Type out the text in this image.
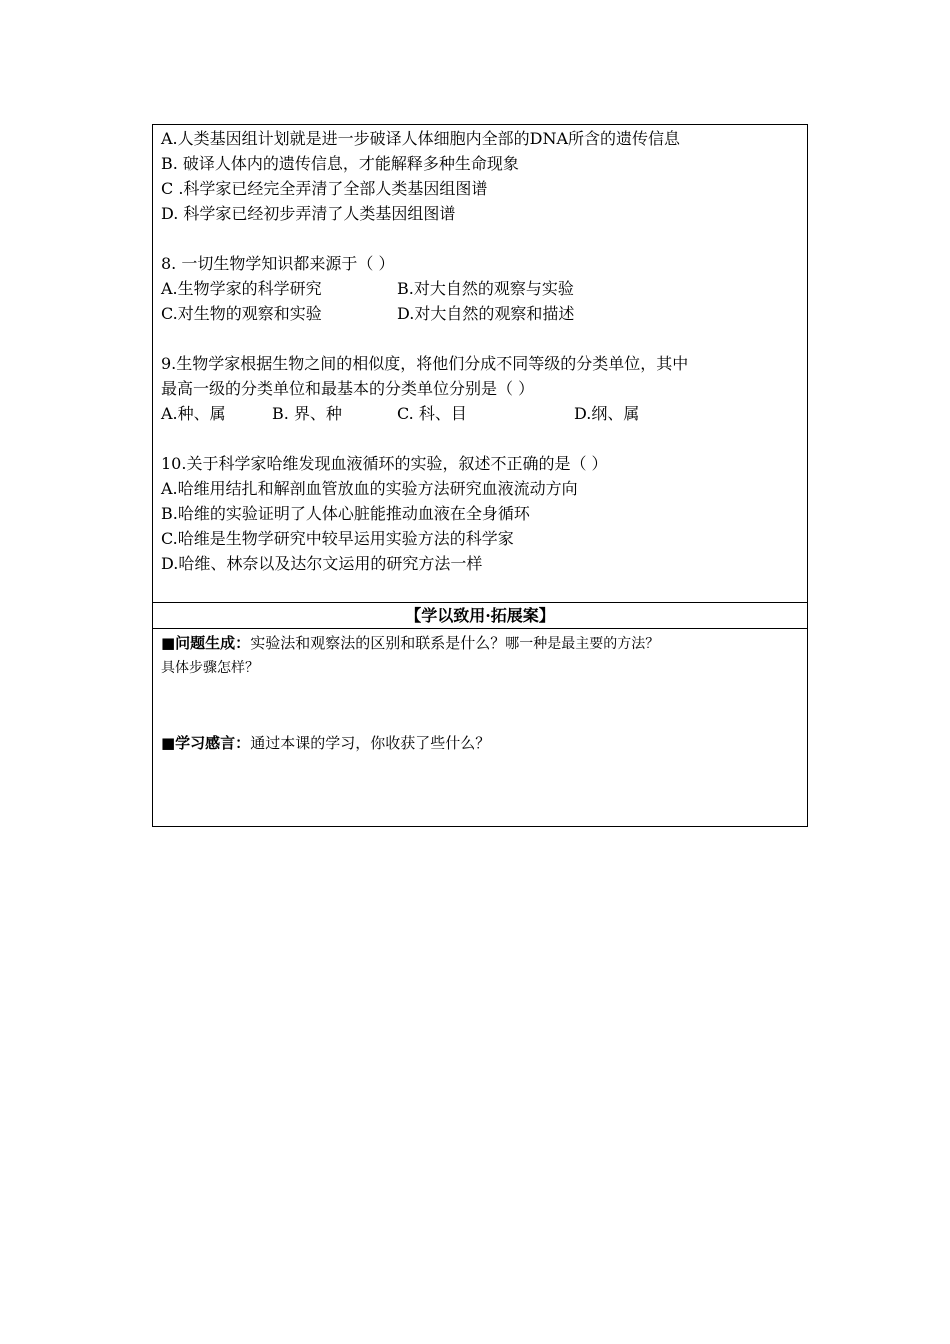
A.人类基因组计划就是进一步破译人体细胞内全部的DNA所含的遗传信息
B. 破译人体内的遗传信息，才能解释多种生命现象
C .科学家已经完全弄清了全部人类基因组图谱
D. 科学家已经初步弄清了人类基因组图谱
8. 一切生物学知识都来源于（ ）
A.生物学家的科学研究	B.对大自然的观察与实验
C.对生物的观察和实验	D.对大自然的观察和描述
9.生物学家根据生物之间的相似度，将他们分成不同等级的分类单位，其中
最高一级的分类单位和最基本的分类单位分别是（ ）
A.种、属	B. 界、种	C. 科、目	D.纲、属
10.关于科学家哈维发现血液循环的实验，叙述不正确的是（ ）
A.哈维用结扎和解剖血管放血的实验方法研究血液流动方向
B.哈维的实验证明了人体心脏能推动血液在全身循环
C.哈维是生物学研究中较早运用实验方法的科学家
D.哈维、林奈以及达尔文运用的研究方法一样
【学以致用·拓展案】
■问题生成：实验法和观察法的区别和联系是什么？哪一种是最主要的方法？
具体步骤怎样？
■学习感言：通过本课的学习，你收获了些什么？
